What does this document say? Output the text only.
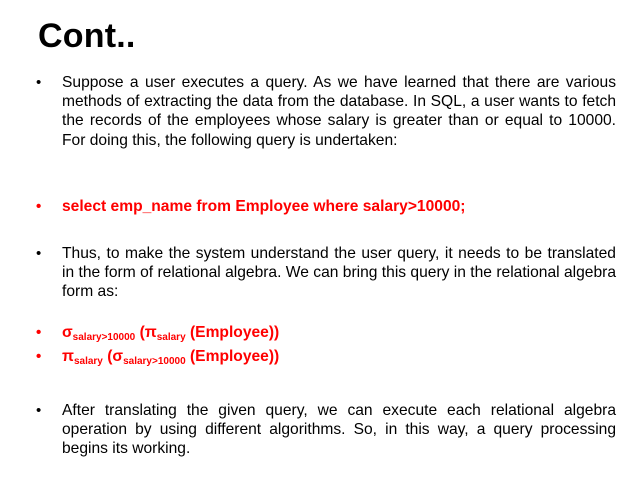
Cont..
•	Suppose a user executes a query. As we have learned that there are various methods of extracting the data from the database. In SQL, a user wants to fetch the records of the employees whose salary is greater than or equal to 10000. For doing this, the following query is undertaken:
•	select emp_name from Employee where salary>10000;
•	Thus, to make the system understand the user query, it needs to be translated in the form of relational algebra. We can bring this query in the relational algebra form as:
•	$\sigma_{salary>10000}$ ($\pi_{salary}$ (Employee))
•	$\pi_{salary}$ ($\sigma_{salary>10000}$ (Employee))
•	After translating the given query, we can execute each relational algebra operation by using different algorithms. So, in this way, a query processing begins its working.
